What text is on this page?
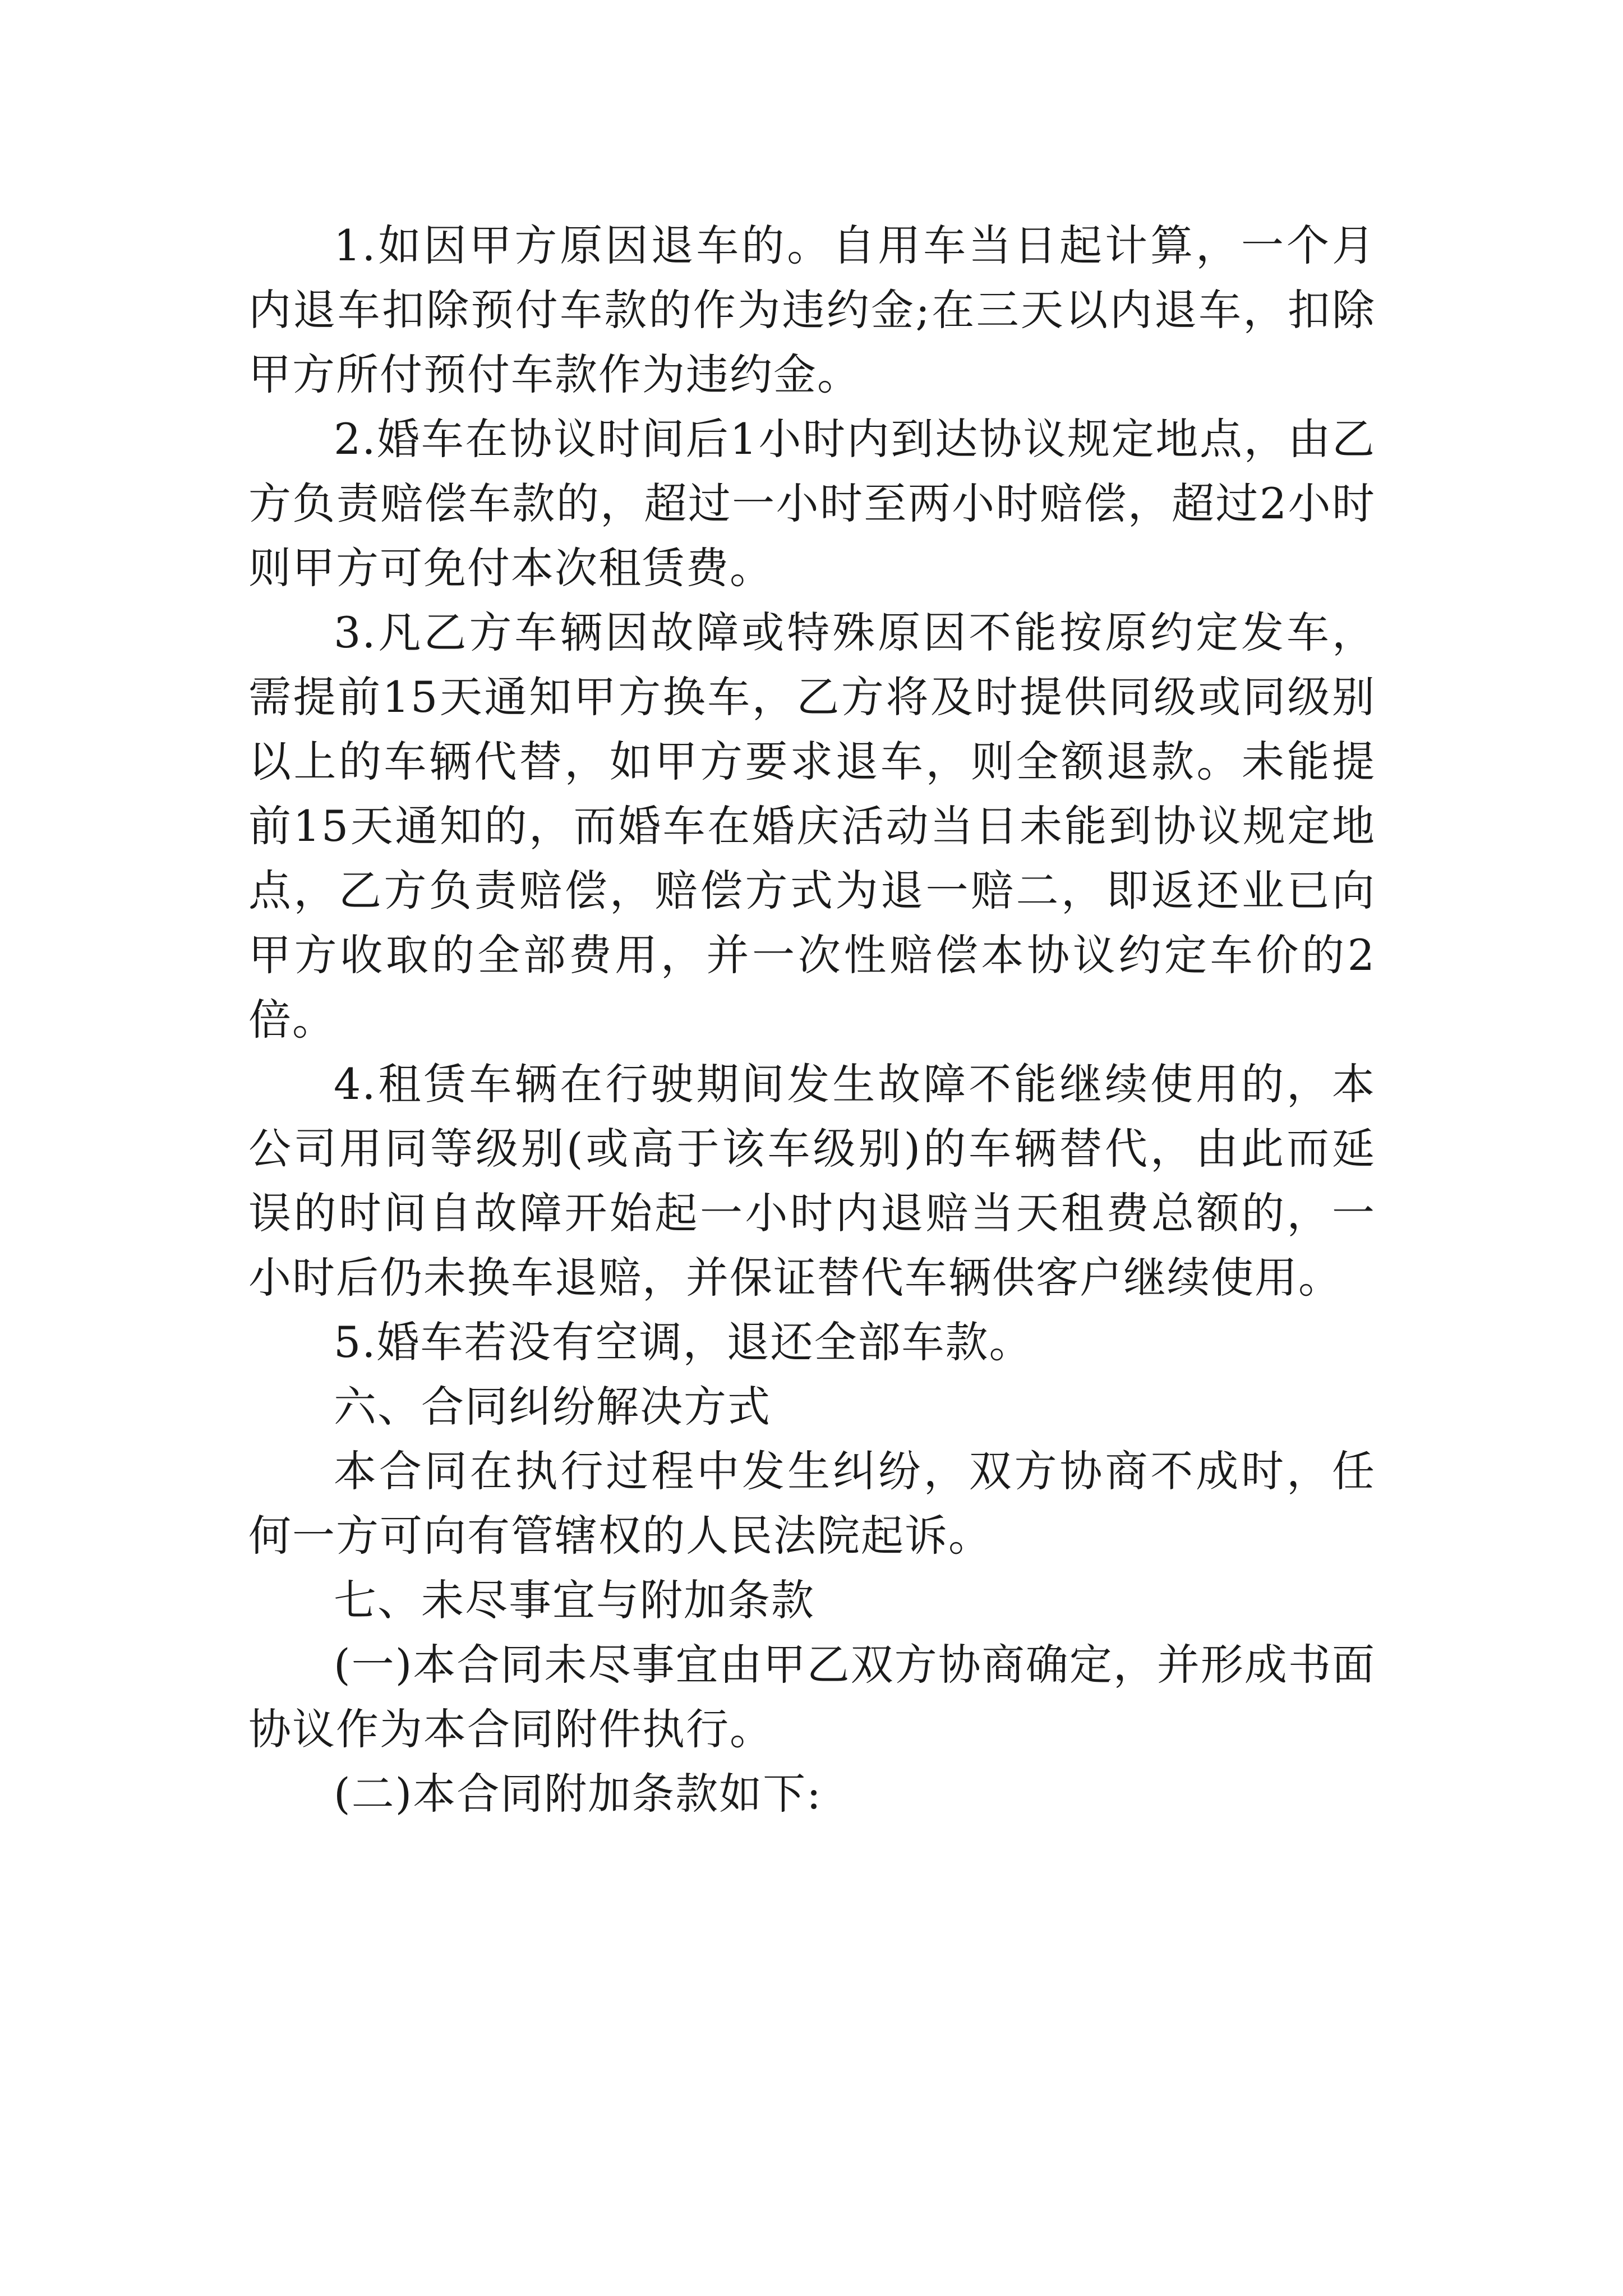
1.如因甲方原因退车的。自用车当日起计算，一个月内退车扣除预付车款的作为违约金;在三天以内退车，扣除甲方所付预付车款作为违约金。

2.婚车在协议时间后1小时内到达协议规定地点，由乙方负责赔偿车款的，超过一小时至两小时赔偿，超过2小时则甲方可免付本次租赁费。

3.凡乙方车辆因故障或特殊原因不能按原约定发车，需提前15天通知甲方换车，乙方将及时提供同级或同级别以上的车辆代替，如甲方要求退车，则全额退款。未能提前15天通知的，而婚车在婚庆活动当日未能到协议规定地点，乙方负责赔偿，赔偿方式为退一赔二，即返还业已向甲方收取的全部费用，并一次性赔偿本协议约定车价的2倍。

4.租赁车辆在行驶期间发生故障不能继续使用的，本公司用同等级别(或高于该车级别)的车辆替代，由此而延误的时间自故障开始起一小时内退赔当天租费总额的，一小时后仍未换车退赔，并保证替代车辆供客户继续使用。

5.婚车若没有空调，退还全部车款。

六、合同纠纷解决方式

本合同在执行过程中发生纠纷，双方协商不成时，任何一方可向有管辖权的人民法院起诉。

七、未尽事宜与附加条款

(一)本合同未尽事宜由甲乙双方协商确定，并形成书面协议作为本合同附件执行。

(二)本合同附加条款如下:
